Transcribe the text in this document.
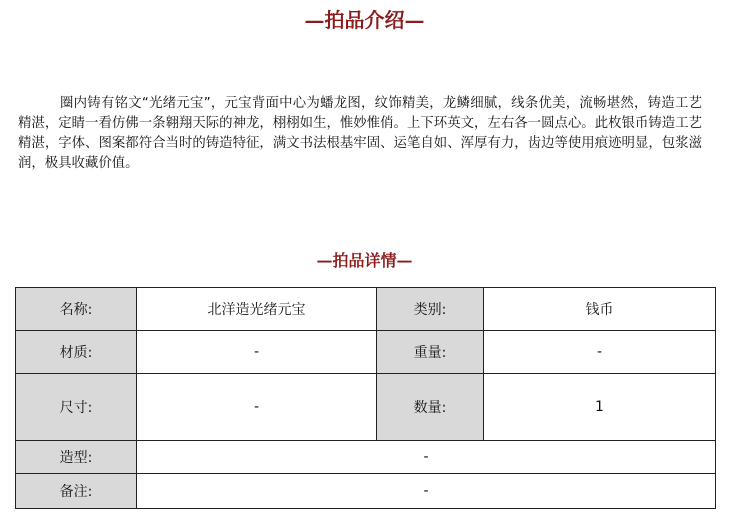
—拍品介绍—

圈内铸有铭文“光绪元宝”，元宝背面中心为蟠龙图，纹饰精美，龙鳞细腻，线条优美，流畅堪然，铸造工艺精湛，定睛一看仿佛一条翱翔天际的神龙，栩栩如生，惟妙惟俏。上下环英文，左右各一圆点心。此枚银币铸造工艺精湛，字体、图案都符合当时的铸造特征，满文书法根基牢固、运笔自如、浑厚有力，齿边等使用痕迹明显，包浆滋润，极具收藏价值。

—拍品详情—
名称:	北洋造光绪元宝	类别:	钱币
材质:	-	重量:	-
尺寸:	-	数量:	1
造型:	-		
备注:	-		
